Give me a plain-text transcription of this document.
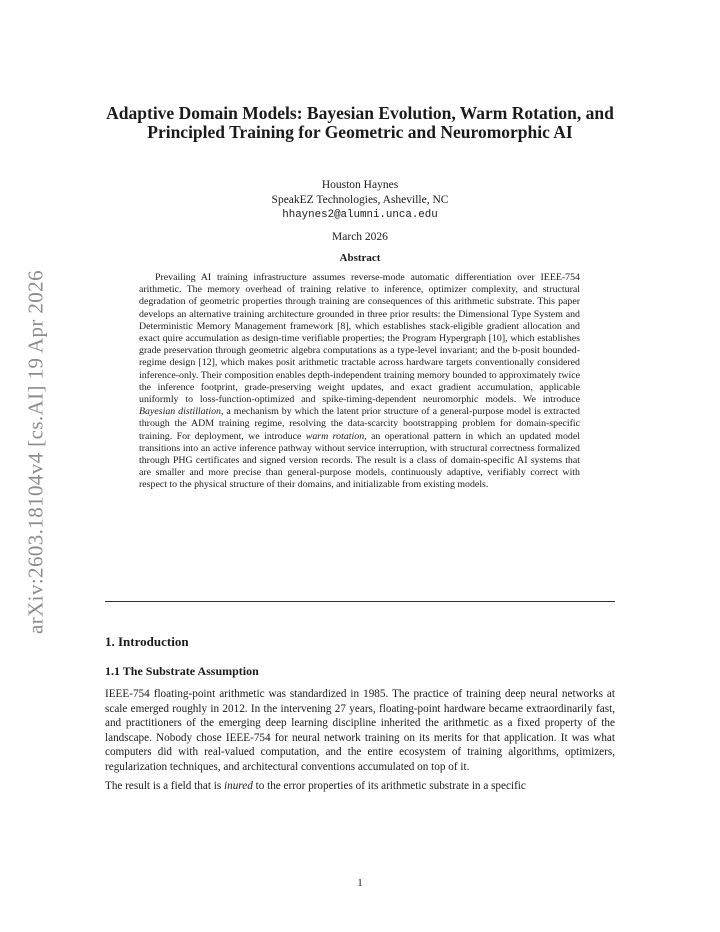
arXiv:2603.18104v4 [cs.AI] 19 Apr 2026
Adaptive Domain Models: Bayesian Evolution, Warm Rotation, and Principled Training for Geometric and Neuromorphic AI
Houston Haynes
SpeakEZ Technologies, Asheville, NC
hhaynes2@alumni.unca.edu
March 2026
Abstract

Prevailing AI training infrastructure assumes reverse-mode automatic differentiation over IEEE-754 arithmetic. The memory overhead of training relative to inference, optimizer complexity, and structural degradation of geometric properties through training are consequences of this arithmetic substrate. This paper develops an alternative training architecture grounded in three prior results: the Dimensional Type System and Deterministic Memory Management framework [8], which establishes stack-eligible gradient allocation and exact quire accumulation as design-time verifiable properties; the Program Hypergraph [10], which establishes grade preservation through geometric algebra computations as a type-level invariant; and the b-posit bounded-regime design [12], which makes posit arithmetic tractable across hardware targets conventionally considered inference-only. Their composition enables depth-independent training memory bounded to approximately twice the inference footprint, grade-preserving weight updates, and exact gradient accumulation, applicable uniformly to loss-function-optimized and spike-timing-dependent neuromorphic models. We introduce Bayesian distillation, a mechanism by which the latent prior structure of a general-purpose model is extracted through the ADM training regime, resolving the data-scarcity bootstrapping problem for domain-specific training. For deployment, we introduce warm rotation, an operational pattern in which an updated model transitions into an active inference pathway without service interruption, with structural correctness formalized through PHG certificates and signed version records. The result is a class of domain-specific AI systems that are smaller and more precise than general-purpose models, continuously adaptive, verifiably correct with respect to the physical structure of their domains, and initializable from existing models.

1. Introduction
1.1 The Substrate Assumption

IEEE-754 floating-point arithmetic was standardized in 1985. The practice of training deep neural networks at scale emerged roughly in 2012. In the intervening 27 years, floating-point hardware became extraordinarily fast, and practitioners of the emerging deep learning discipline inherited the arithmetic as a fixed property of the landscape. Nobody chose IEEE-754 for neural network training on its merits for that application. It was what computers did with real-valued computation, and the entire ecosystem of training algorithms, optimizers, regularization techniques, and architectural conventions accumulated on top of it.

The result is a field that is inured to the error properties of its arithmetic substrate in a specific

1
